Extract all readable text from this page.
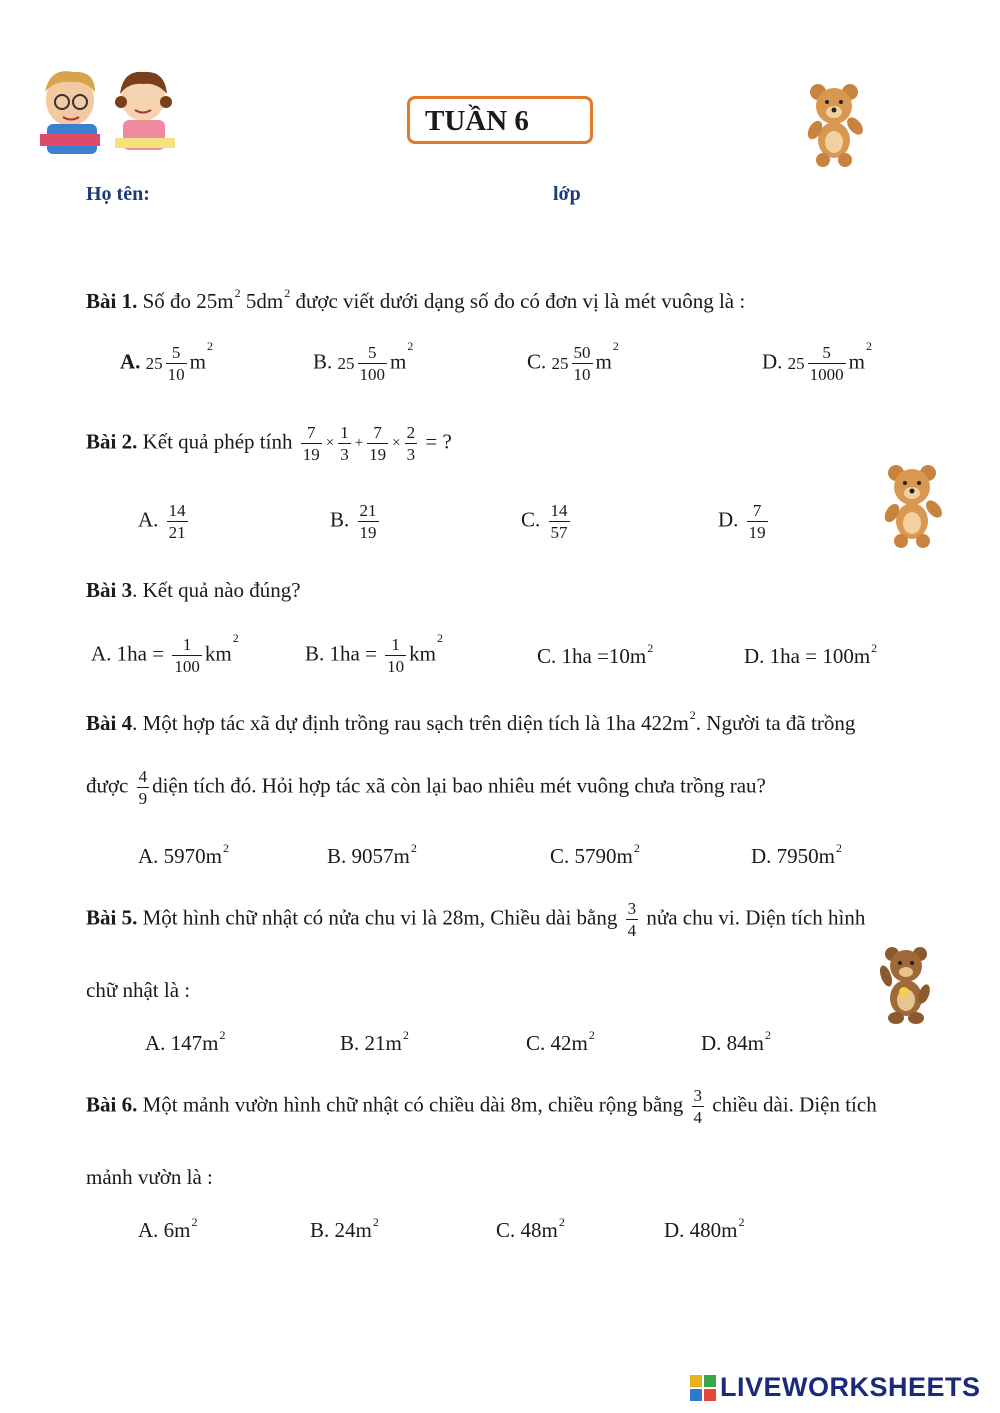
TUẦN 6
Họ tên:	lớp
Bài 1. Số đo $25m^2$ $5dm^2$ được viết dưới dạng số đo có đơn vị là mét vuông là :
A. $25 \frac{5}{10} m^2$
B. $25 \frac{5}{100} m^2$
C. $25 \frac{50}{10} m^2$
D. $25 \frac{5}{1000} m^2$
Bài 2. Kết quả phép tính $\frac{7}{19} \times \frac{1}{3} + \frac{7}{19} \times \frac{2}{3}$ = ?
A. $\frac{14}{21}$	B. $\frac{21}{19}$	C. $\frac{14}{57}$	D. $\frac{7}{19}$
Bài 3. Kết quả nào đúng?
A. $1ha = \frac{1}{100} km^2$
B. $1ha = \frac{1}{10} km^2$
C. $1ha =10m^2$	D. $1ha = 100m^2$
Bài 4. Một hợp tác xã dự định trồng rau sạch trên diện tích là 1ha $422m^2$. Người ta đã trồng
được $\frac{4}{9}$ diện tích đó. Hỏi hợp tác xã còn lại bao nhiêu mét vuông chưa trồng rau?
A. $5970m^2$	B. $9057m^2$	C. $5790m^2$	D. $7950m^2$
Bài 5. Một hình chữ nhật có nửa chu vi là 28m, Chiều dài bằng $\frac{3}{4}$ nửa chu vi. Diện tích hình
chữ nhật là :
A. $147m^2$	B. $21m^2$	C. $42m^2$	D. $84m^2$
Bài 6. Một mảnh vườn hình chữ nhật có chiều dài 8m, chiều rộng bằng $\frac{3}{4}$ chiều dài. Diện tích
mảnh vườn là :
A. $6m^2$	B. $24m^2$	C. $48m^2$	D. $480m^2$
LIVEWORKSHEETS
